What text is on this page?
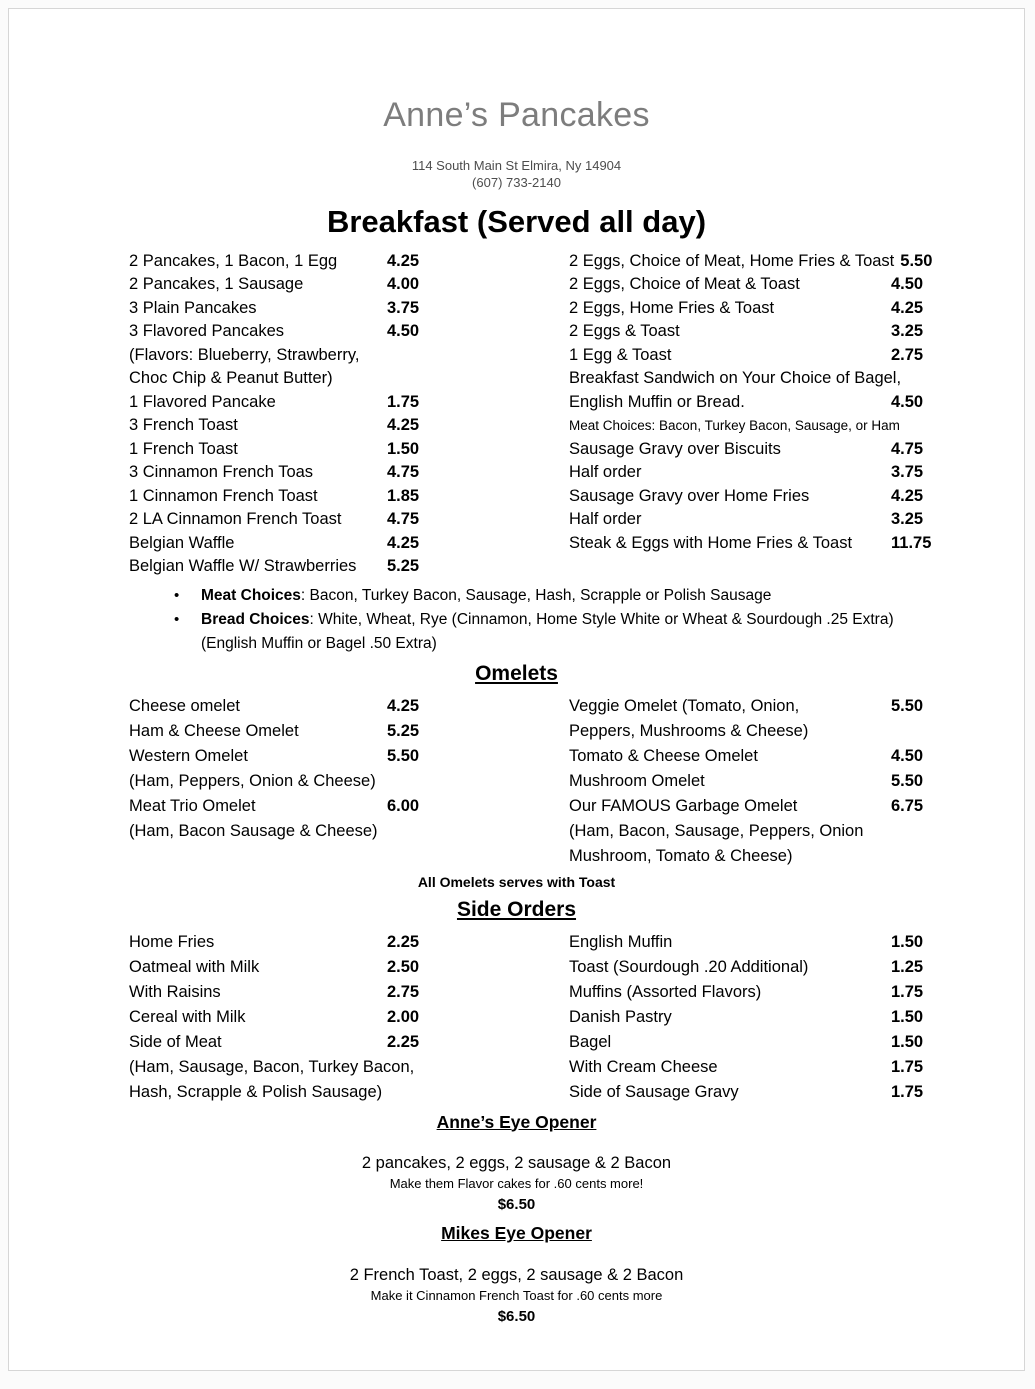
Anne’s Pancakes
114 South Main St Elmira, Ny 14904
(607) 733-2140
Breakfast (Served all day)
2 Pancakes, 1 Bacon, 1 Egg	4.25
2 Pancakes, 1 Sausage	4.00
3 Plain Pancakes	3.75
3 Flavored Pancakes	4.50
(Flavors: Blueberry, Strawberry,
Choc Chip & Peanut Butter)
1 Flavored Pancake	1.75
3 French Toast	4.25
1 French Toast	1.50
3 Cinnamon French Toas	4.75
1 Cinnamon French Toast	1.85
2 LA Cinnamon French Toast	4.75
Belgian Waffle	4.25
Belgian Waffle W/ Strawberries	5.25
2 Eggs, Choice of Meat, Home Fries & Toast 5.50
2 Eggs, Choice of Meat & Toast	4.50
2 Eggs, Home Fries & Toast	4.25
2 Eggs & Toast	3.25
1 Egg & Toast	2.75
Breakfast Sandwich on Your Choice of Bagel,
English Muffin or Bread.	4.50
Meat Choices: Bacon, Turkey Bacon, Sausage, or Ham
Sausage Gravy over Biscuits	4.75
Half order	3.75
Sausage Gravy over Home Fries	4.25
Half order	3.25
Steak & Eggs with Home Fries & Toast	11.75
•	Meat Choices: Bacon, Turkey Bacon, Sausage, Hash, Scrapple or Polish Sausage
•	Bread Choices: White, Wheat, Rye (Cinnamon, Home Style White or Wheat & Sourdough .25 Extra) (English Muffin or Bagel .50 Extra)
Omelets
Cheese omelet	4.25
Ham & Cheese Omelet	5.25
Western Omelet	5.50
(Ham, Peppers, Onion & Cheese)
Meat Trio Omelet	6.00
(Ham, Bacon Sausage & Cheese)
Veggie Omelet (Tomato, Onion,	5.50
Peppers, Mushrooms & Cheese)
Tomato & Cheese Omelet	4.50
Mushroom Omelet	5.50
Our FAMOUS Garbage Omelet	6.75
(Ham, Bacon, Sausage, Peppers, Onion
Mushroom, Tomato & Cheese)
All Omelets serves with Toast
Side Orders
Home Fries	2.25
Oatmeal with Milk	2.50
With Raisins	2.75
Cereal with Milk	2.00
Side of Meat	2.25
(Ham, Sausage, Bacon, Turkey Bacon,
Hash, Scrapple & Polish Sausage)
English Muffin	1.50
Toast (Sourdough .20 Additional)	1.25
Muffins (Assorted Flavors)	1.75
Danish Pastry	1.50
Bagel	1.50
With Cream Cheese	1.75
Side of Sausage Gravy	1.75
Anne’s Eye Opener
2 pancakes, 2 eggs, 2 sausage & 2 Bacon
Make them Flavor cakes for .60 cents more!
$6.50
Mikes Eye Opener
2 French Toast, 2 eggs, 2 sausage & 2 Bacon
Make it Cinnamon French Toast for .60 cents more
$6.50
